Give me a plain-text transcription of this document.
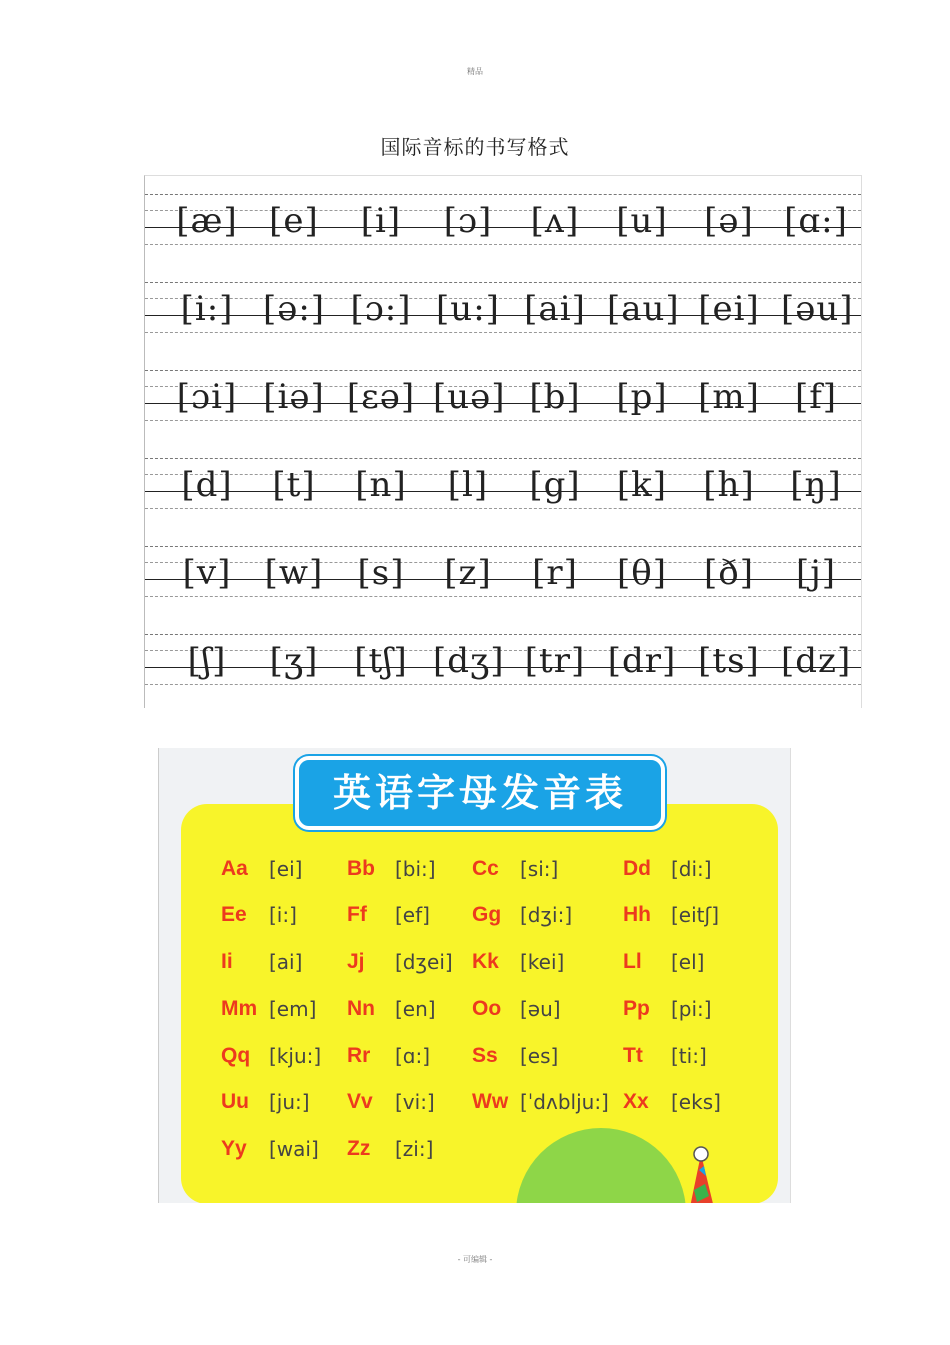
精品
国际音标的书写格式
[æ] [e]	[i]	[ɔ]	[ʌ]	[u] [ə] [ɑ:]
[i:] [ə:] [ɔ:] [u:] [ai] [au] [ei] [əu]
[ɔi] [iə] [εə] [uə] [b] [p] [m]	[f]
[d]	[t]	[n]	[l]	[g] [k] [h] [ŋ]
[v] [w]	[s]	[z]	[r]	[θ] [ð]	[j]
[ʃ]	[ʒ]	[tʃ] [dʒ] [tr] [dr] [ts] [dz]
英语字母发音表
Aa [ei] Bb [bi:] Cc [si:]	Dd [di:]
Ee [i:] Ff [ef] Gg [dʒi:] Hh [eitʃ]
Ii [ai] Jj [dʒei] Kk [kei]	Ll [el]
Mm [em] Nn [en] Oo [əu]	Pp [pi:]
Qq [kju:] Rr [ɑ:] Ss [es]	Tt [ti:]
Uu [ju:] Vv [vi:] Ww [ˈdʌblju:] Xx [eks]
Yy [wai] Zz [zi:]
- 可编辑 -
